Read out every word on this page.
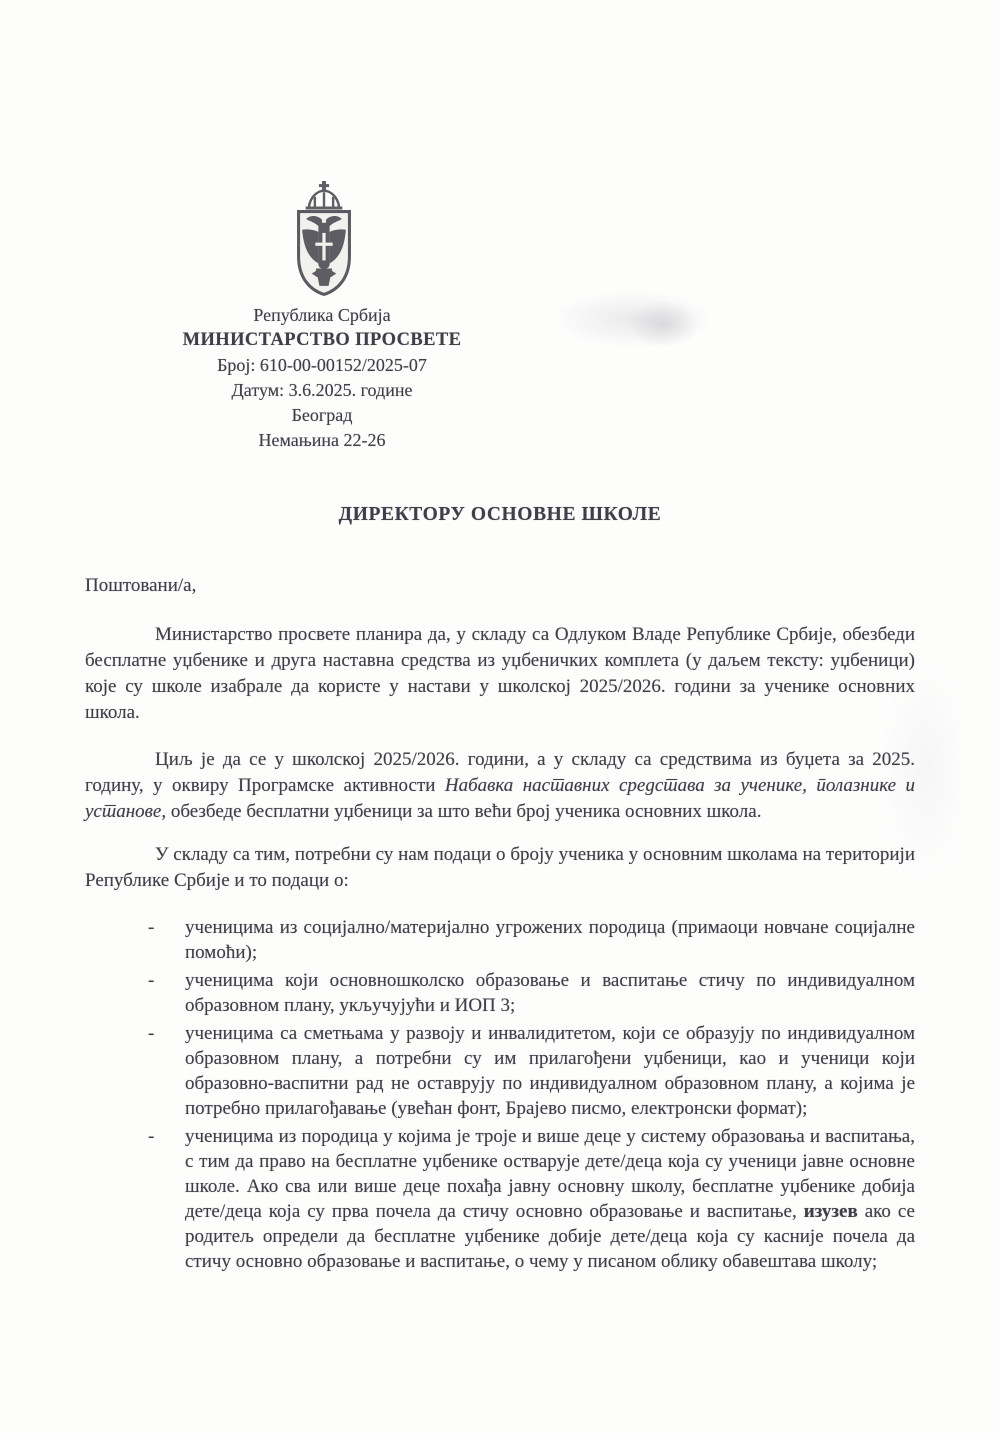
Република Србија
МИНИСТАРСТВО ПРОСВЕТЕ
Број: 610-00-00152/2025-07
Датум: 3.6.2025. године
Београд
Немањина 22-26
ДИРЕКТОРУ ОСНОВНЕ ШКОЛЕ

Поштовани/а,

Министарство просвете планира да, у складу са Одлуком Владе Републике Србије, обезбеди бесплатне уџбенике и друга наставна средства из уџбеничких комплета (у даљем тексту: уџбеници) које су школе изабрале да користе у настави у школској 2025/2026. години за ученике основних школа.

Циљ је да се у школској 2025/2026. години, а у складу са средствима из буџета за 2025. годину, у оквиру Програмске активности Набавка наставних средстава за ученике, полазнике и установе, обезбеде бесплатни уџбеници за што већи број ученика основних школа.

У складу са тим, потребни су нам подаци о броју ученика у основним школама на територији Републике Србије и то подаци о:

- ученицима из социјално/материјално угрожених породица (примаоци новчане социјалне помоћи);
- ученицима који основношколско образовање и васпитање стичу по индивидуалном образовном плану, укључујући и ИОП 3;
- ученицима са сметњама у развоју и инвалидитетом, који се образују по индивидуалном образовном плану, а потребни су им прилагођени уџбеници, као и ученици који образовно-васпитни рад не оставрују по индивидуалном образовном плану, а којима је потребно прилагођавање (увећан фонт, Брајево писмо, електронски формат);
- ученицима из породица у којима је троје и више деце у систему образовања и васпитања, с тим да право на бесплатне уџбенике остварује дете/деца која су ученици јавне основне школе. Ако сва или више деце похађа јавну основну школу, бесплатне уџбенике добија дете/деца која су прва почела да стичу основно образовање и васпитање, изузев ако се родитељ определи да бесплатне уџбенике добије дете/деца која су касније почела да стичу основно образовање и васпитање, о чему у писаном облику обавештава школу;
